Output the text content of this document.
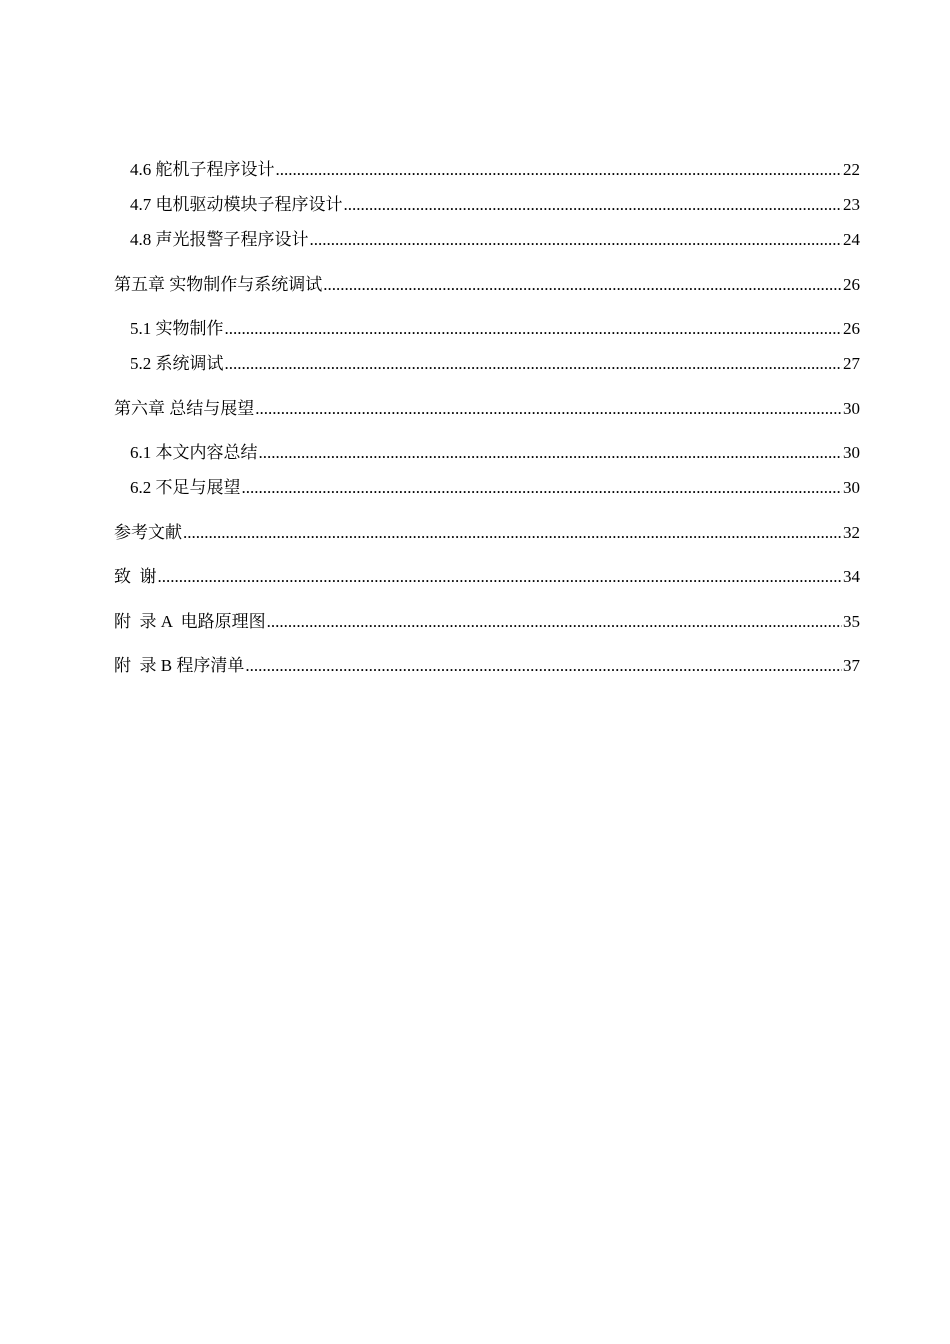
4.6 舵机子程序设计 .....	22
4.7 电机驱动模块子程序设计 .....	23
4.8 声光报警子程序设计 .....	24
第五章 实物制作与系统调试 .....	26
5.1 实物制作 .....	26
5.2 系统调试 .....	27
第六章 总结与展望 .....	30
6.1 本文内容总结 .....	30
6.2 不足与展望 .....	30
参考文献 .....	32
致  谢 .....	34
附  录 A  电路原理图 .....	35
附  录 B 程序清单 .....	37
